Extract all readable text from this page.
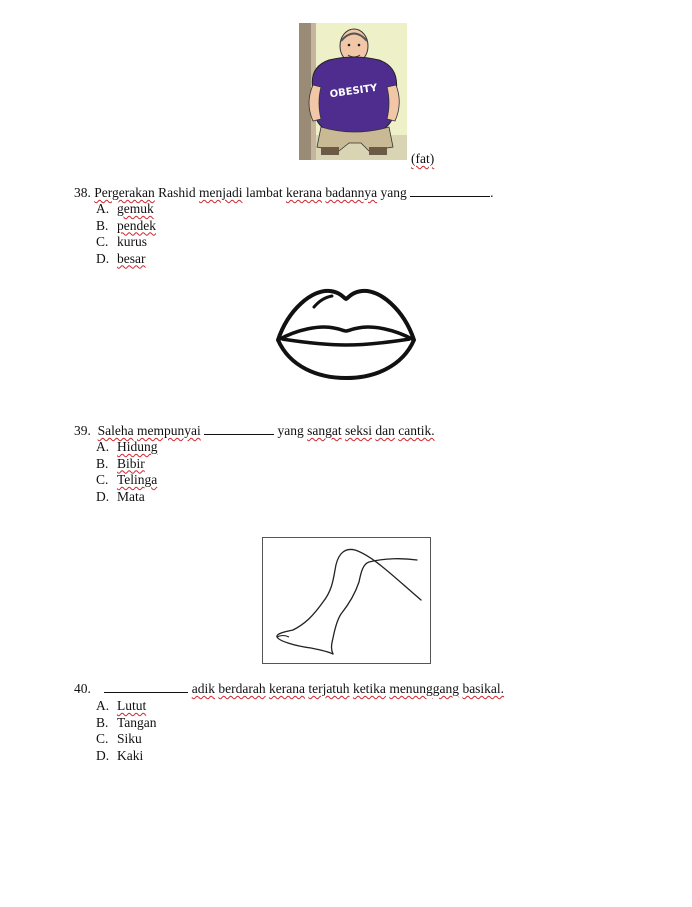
OBESITY
(fat)
38. Pergerakan Rashid menjadi lambat kerana badannya yang	.
A. gemuk
B. pendek
C. kurus
D. besar
39. Saleha mempunyai	yang sangat seksi dan cantik.
A. Hidung
B. Bibir
C. Telinga
D. Mata
40.	adik berdarah kerana terjatuh ketika menunggang basikal.
A. Lutut
B. Tangan
C. Siku
D. Kaki
